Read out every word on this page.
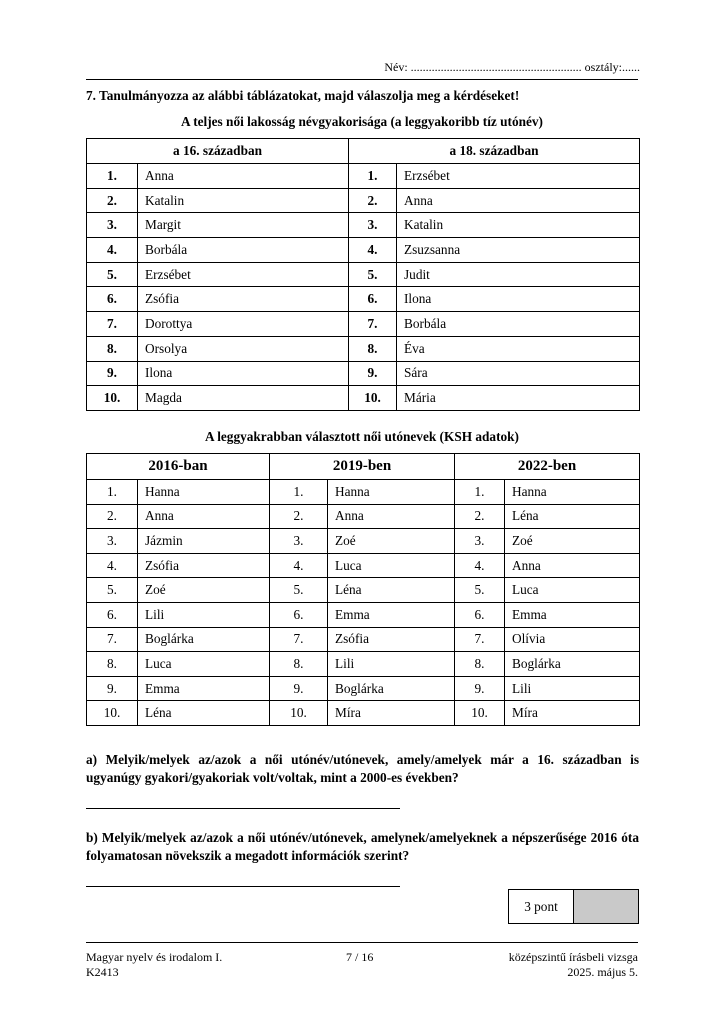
Név: ......................................................... osztály:......
7. Tanulmányozza az alábbi táblázatokat, majd válaszolja meg a kérdéseket!
A teljes női lakosság névgyakorisága (a leggyakoribb tíz utónév)
a 16. században		a 18. században	
1.	Anna	1.	Erzsébet
2.	Katalin	2.	Anna
3.	Margit	3.	Katalin
4.	Borbála	4.	Zsuzsanna
5.	Erzsébet	5.	Judit
6.	Zsófia	6.	Ilona
7.	Dorottya	7.	Borbála
8.	Orsolya	8.	Éva
9.	Ilona	9.	Sára
10.	Magda	10.	Mária
A leggyakrabban választott női utónevek (KSH adatok)
2016-ban		2019-ben		2022-ben	
1.	Hanna	1.	Hanna	1.	Hanna
2.	Anna	2.	Anna	2.	Léna
3.	Jázmin	3.	Zoé	3.	Zoé
4.	Zsófia	4.	Luca	4.	Anna
5.	Zoé	5.	Léna	5.	Luca
6.	Lili	6.	Emma	6.	Emma
7.	Boglárka	7.	Zsófia	7.	Olívia
8.	Luca	8.	Lili	8.	Boglárka
9.	Emma	9.	Boglárka	9.	Lili
10.	Léna	10.	Míra	10.	Míra
a) Melyik/melyek az/azok a női utónév/utónevek, amely/amelyek már a 16. században is ugyanúgy gyakori/gyakoriak volt/voltak, mint a 2000-es években?
b) Melyik/melyek az/azok a női utónév/utónevek, amelynek/amelyeknek a népszerűsége 2016 óta folyamatosan növekszik a megadott információk szerint?
3 pont
Magyar nyelv és irodalom I.
K2413
7 / 16	középszintű írásbeli vizsga
2025. május 5.
